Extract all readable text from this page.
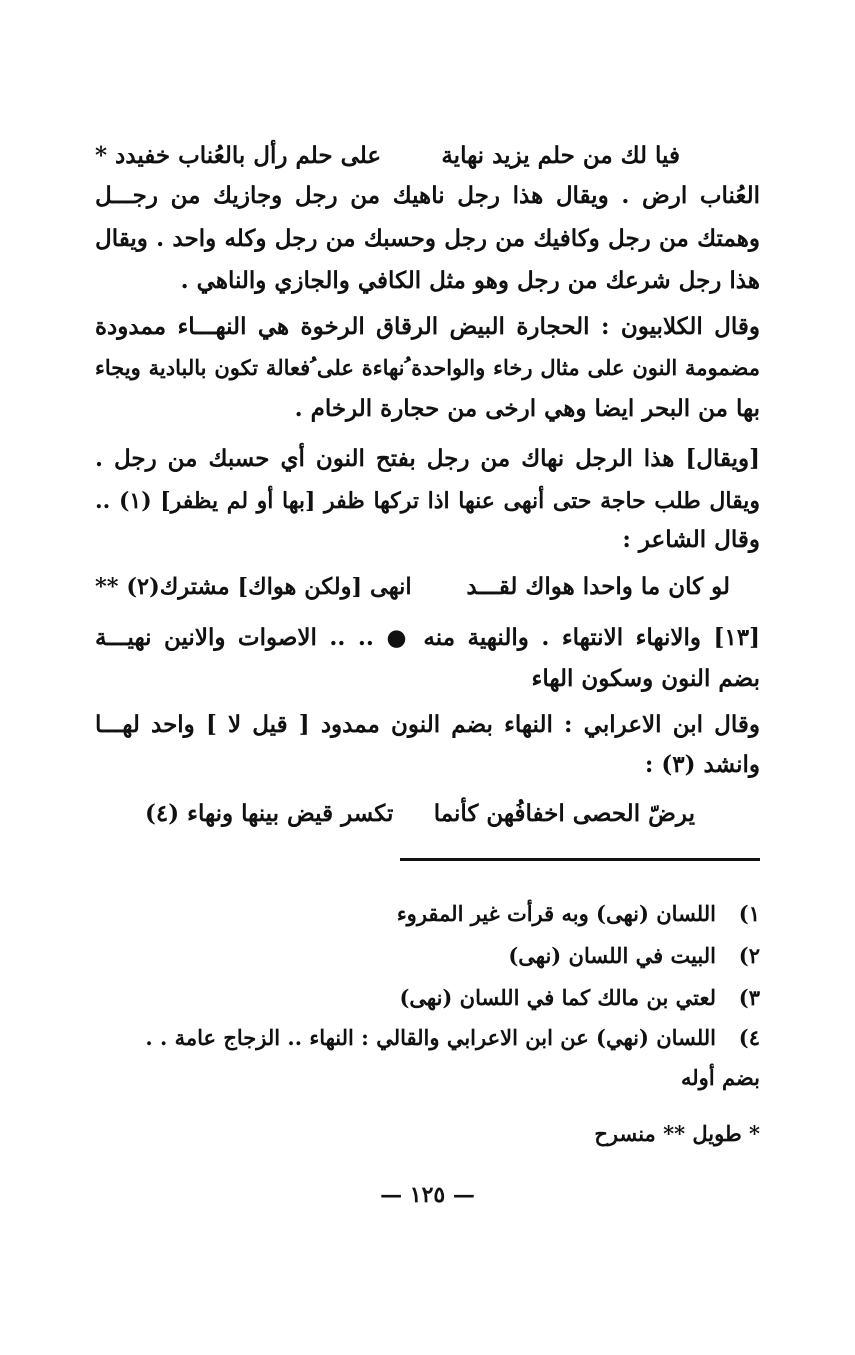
فيا لك من حلم يزيد نهاية
على حلم رأل بالعُناب خفيدد *
العُناب ارض . ويقال هذا رجل ناهيك من رجل وجازيك من رجـــل
وهمتك من رجل وكافيك من رجل وحسبك من رجل وكله واحد . ويقال
هذا رجل شرعك من رجل وهو مثل الكافي والجازي والناهي .
وقال الكلابيون : الحجارة البيض الرقاق الرخوة هي النهـــاء ممدودة
مضمومة النون على مثال رخاء والواحدة ُنهاءة على ُفعالة تكون بالبادية ويجاء
بها من البحر ايضا وهي ارخى من حجارة الرخام .
[ويقال] هذا الرجل نهاك من رجل بفتح النون أي حسبك من رجل .
ويقال طلب حاجة حتى أنهى عنها اذا تركها ظفر [بها أو لم يظفر] (١) ..
وقال الشاعر :
لو كان ما واحدا هواك لقـــد
انهى [ولكن هواك] مشترك(٢) **
[١٣] والانهاء الانتهاء . والنهية منه ● .. .. الاصوات والانين نهيـــة
بضم النون وسكون الهاء
وقال ابن الاعرابي : النهاء بضم النون ممدود [ قيل لا ] واحد لهـــا
وانشد (٣) :
يرضّ الحصى اخفافُهن كأنما
تكسر قيض بينها ونهاء (٤)
١)اللسان (نهى) وبه قرأت غير المقروء
٢)البيت في اللسان (نهى)
٣)لعتي بن مالك كما في اللسان (نهى)
٤)اللسان (نهي) عن ابن الاعرابي والقالي : النهاء .. الزجاج عامة . .
بضم أوله
* طويل ** منسرح
— ١٢٥ —
